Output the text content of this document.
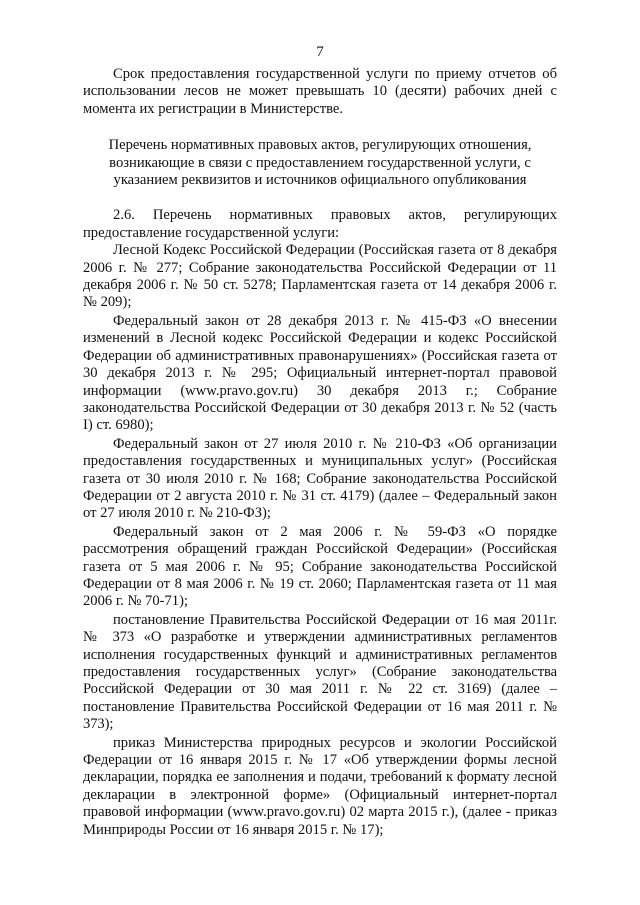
7

Срок предоставления государственной услуги по приему отчетов об использовании лесов не может превышать 10 (десяти) рабочих дней с момента их регистрации в Министерстве.

Перечень нормативных правовых актов, регулирующих отношения, возникающие в связи с предоставлением государственной услуги, с указанием реквизитов и источников официального опубликования

2.6. Перечень нормативных правовых актов, регулирующих предоставление государственной услуги:

Лесной Кодекс Российской Федерации (Российская газета от 8 декабря 2006 г. № 277; Собрание законодательства Российской Федерации от 11 декабря 2006 г. № 50 ст. 5278; Парламентская газета от 14 декабря 2006 г. № 209);

Федеральный закон от 28 декабря 2013 г. № 415-ФЗ «О внесении изменений в Лесной кодекс Российской Федерации и кодекс Российской Федерации об административных правонарушениях» (Российская газета от 30 декабря 2013 г. № 295; Официальный интернет-портал правовой информации (www.pravo.gov.ru) 30 декабря 2013 г.; Собрание законодательства Российской Федерации от 30 декабря 2013 г. № 52 (часть I) ст. 6980);

Федеральный закон от 27 июля 2010 г. № 210-ФЗ «Об организации предоставления государственных и муниципальных услуг» (Российская газета от 30 июля 2010 г. № 168; Собрание законодательства Российской Федерации от 2 августа 2010 г. № 31 ст. 4179) (далее – Федеральный закон от 27 июля 2010 г. № 210-ФЗ);

Федеральный закон от 2 мая 2006 г. № 59-ФЗ «О порядке рассмотрения обращений граждан Российской Федерации» (Российская газета от 5 мая 2006 г. № 95; Собрание законодательства Российской Федерации от 8 мая 2006 г. № 19 ст. 2060; Парламентская газета от 11 мая 2006 г. № 70-71);

постановление Правительства Российской Федерации от 16 мая 2011г. № 373 «О разработке и утверждении административных регламентов исполнения государственных функций и административных регламентов предоставления государственных услуг» (Собрание законодательства Российской Федерации от 30 мая 2011 г. № 22 ст. 3169) (далее – постановление Правительства Российской Федерации от 16 мая 2011 г. № 373);

приказ Министерства природных ресурсов и экологии Российской Федерации от 16 января 2015 г. № 17 «Об утверждении формы лесной декларации, порядка ее заполнения и подачи, требований к формату лесной декларации в электронной форме» (Официальный интернет-портал правовой информации (www.pravo.gov.ru) 02 марта 2015 г.), (далее - приказ Минприроды России от 16 января 2015 г. № 17);
